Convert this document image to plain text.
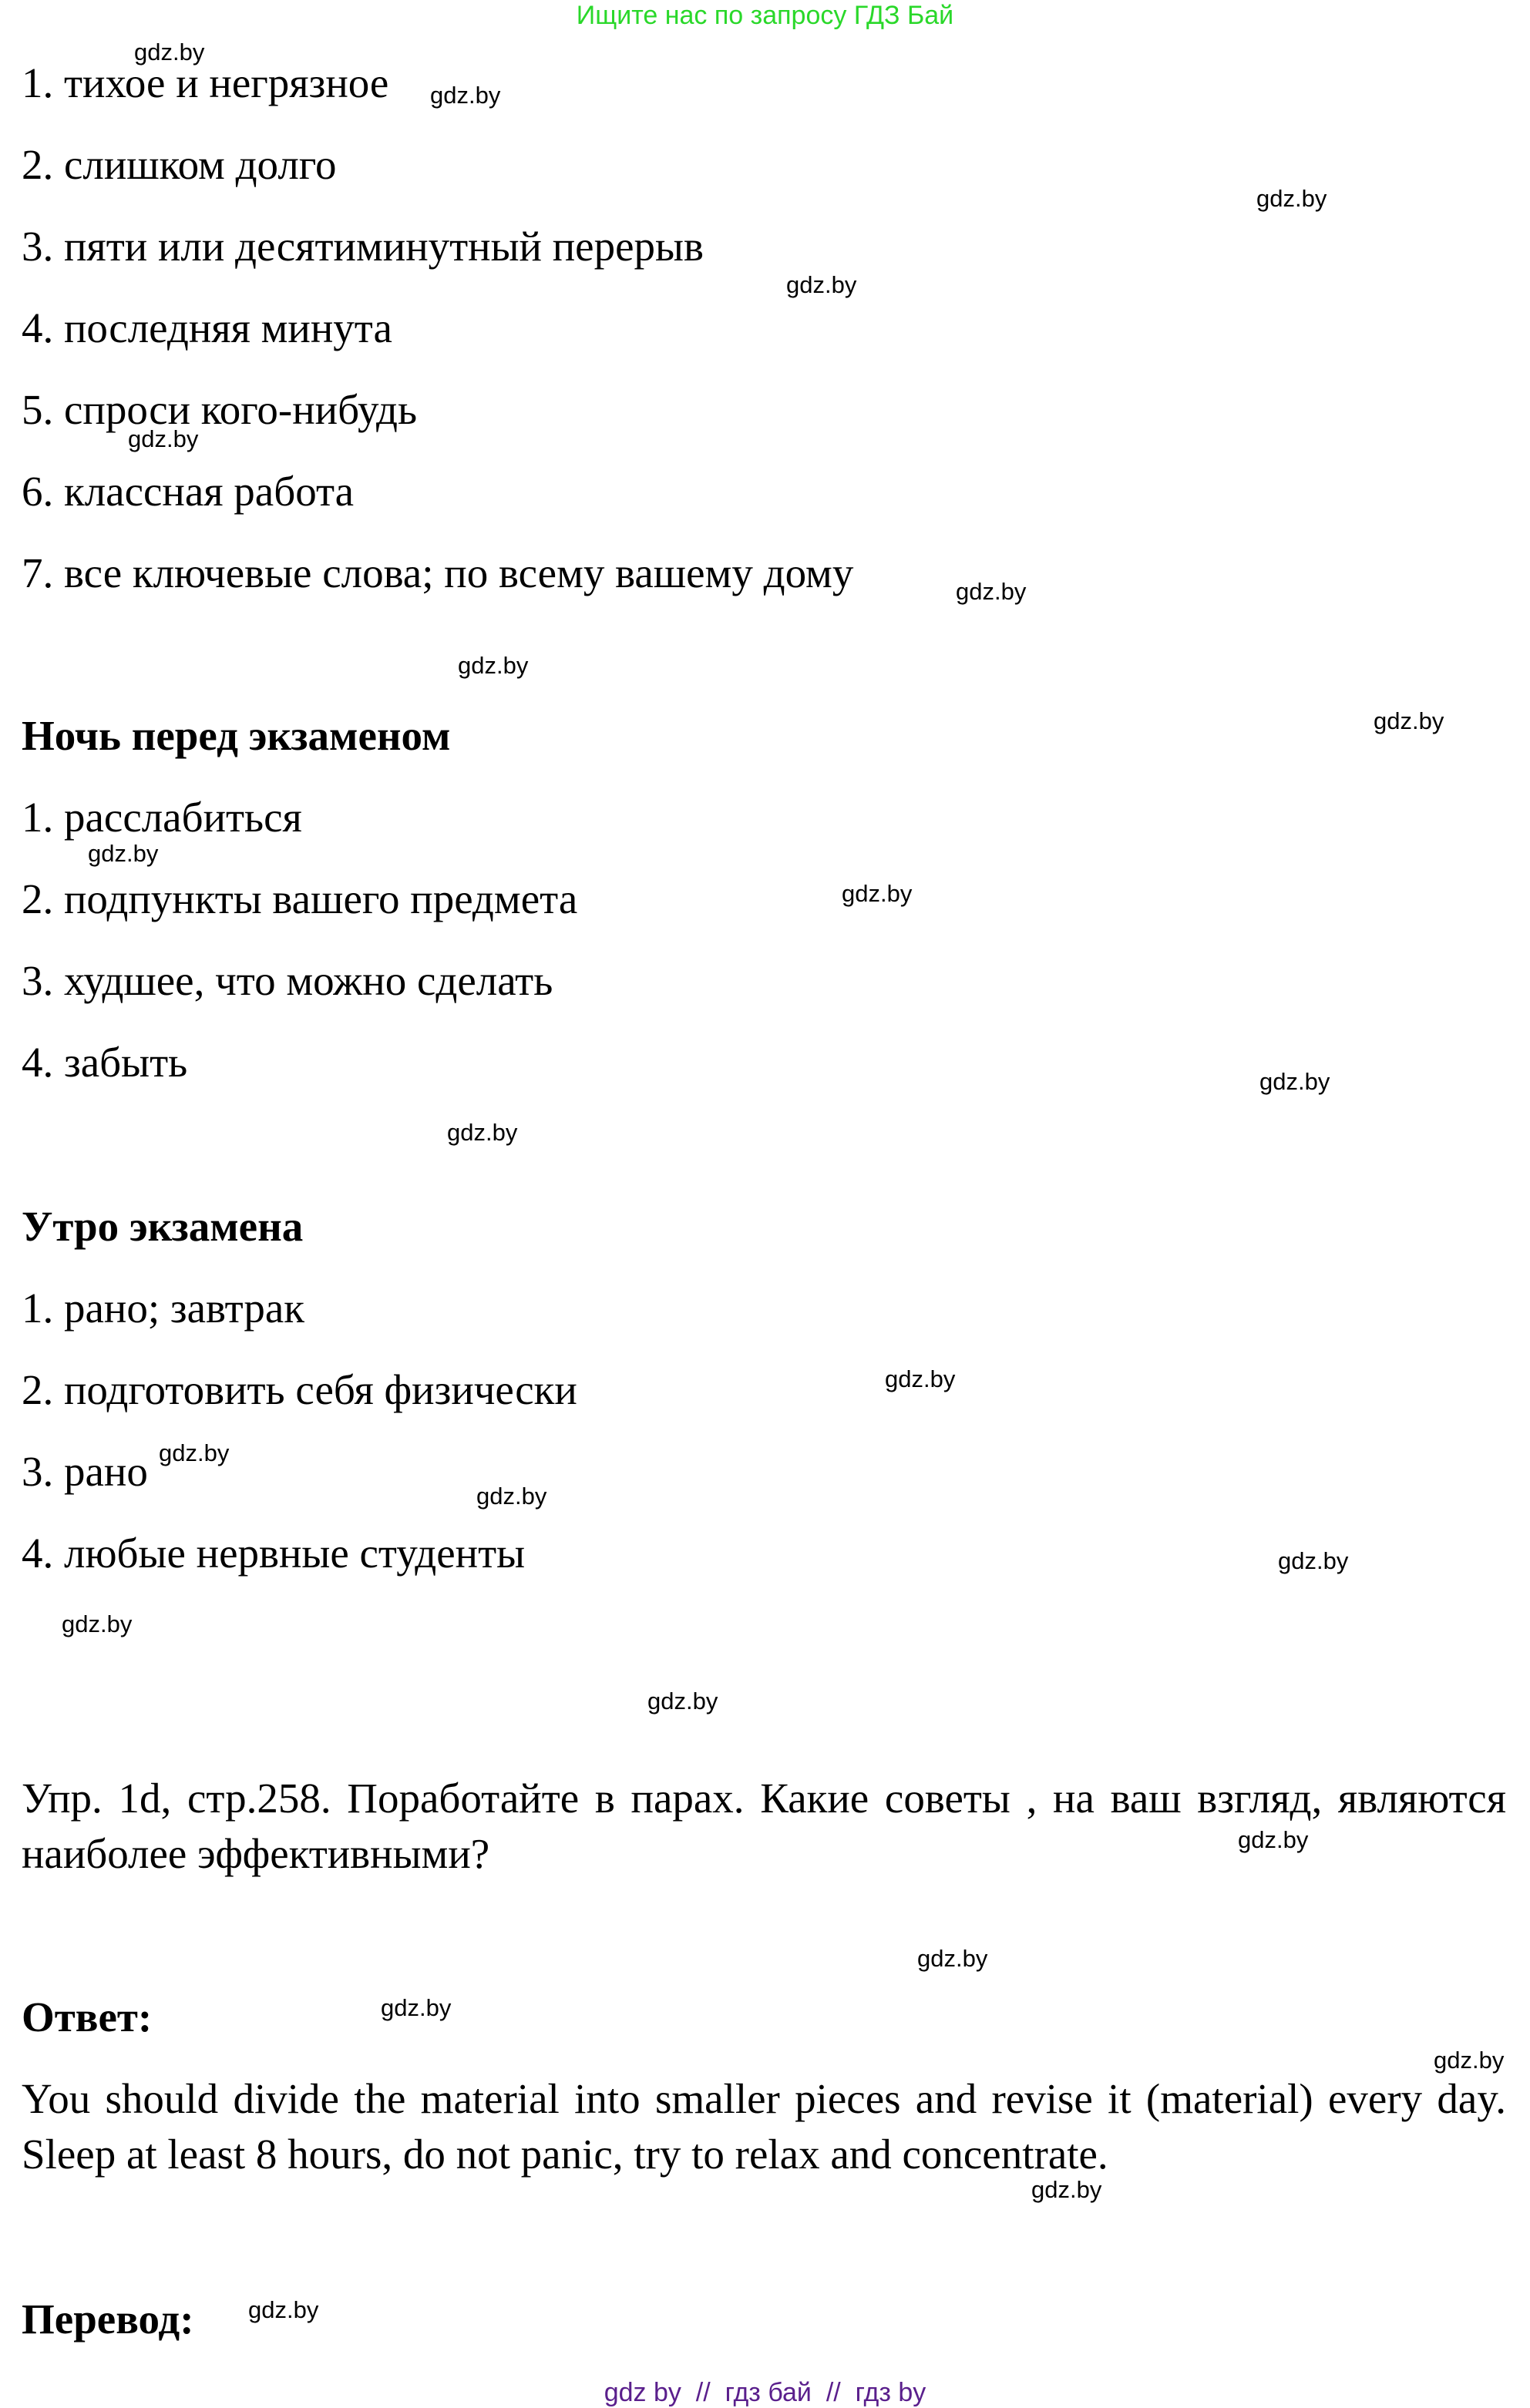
Ищите нас по запросу ГДЗ Бай

1. тихое и негрязное

2. слишком долго

3. пяти или десятиминутный перерыв

4. последняя минута

5. спроси кого-нибудь

6. классная работа

7. все ключевые слова; по всему вашему дому

Ночь перед экзаменом

1. расслабиться

2. подпункты вашего предмета

3. худшее, что можно сделать

4. забыть

Утро экзамена

1. рано; завтрак

2. подготовить себя физически

3. рано

4. любые нервные студенты

Упр. 1d, стр.258. Поработайте в парах. Какие советы , на ваш взгляд, являются наиболее эффективными?

Ответ:

You should divide the material into smaller pieces and revise it (material) every day. Sleep at least 8 hours, do not panic, try to relax and concentrate.

Перевод:
gdz.by
gdz.by
gdz.by
gdz.by
gdz.by
gdz.by
gdz.by
gdz.by
gdz.by
gdz.by
gdz.by
gdz.by
gdz.by
gdz.by
gdz.by
gdz.by
gdz.by
gdz.by
gdz.by
gdz.by
gdz.by
gdz.by
gdz.by
gdz.by
gdz by  //  гдз бай  //  гдз by
